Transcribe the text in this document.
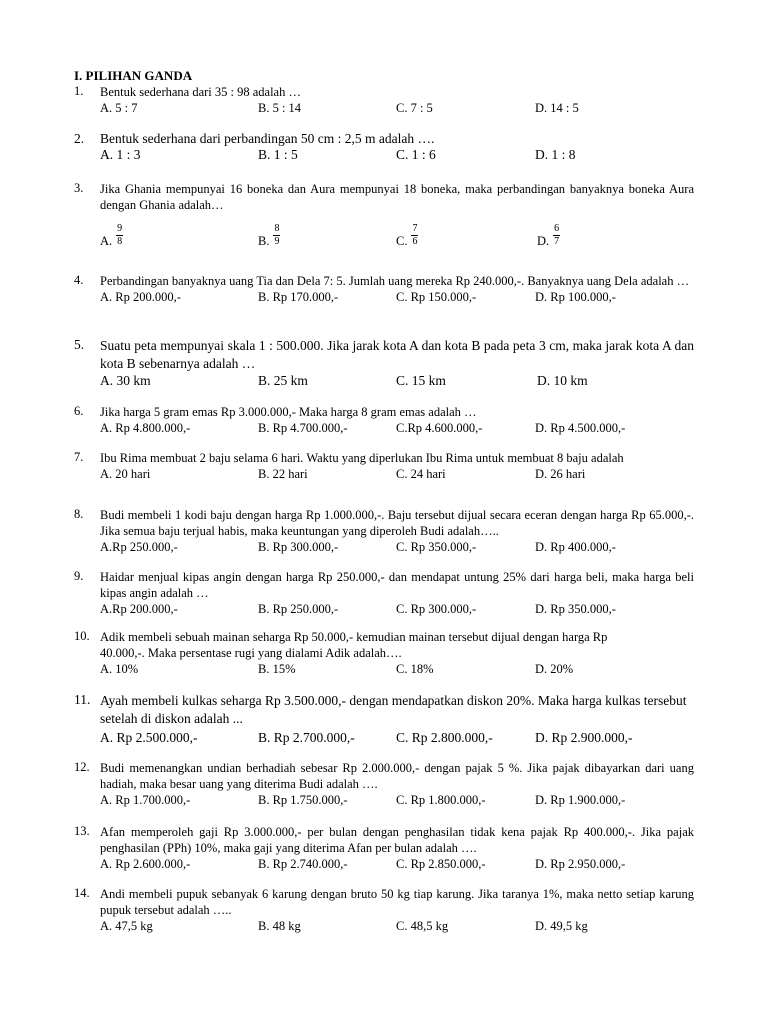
I. PILIHAN GANDA
1. Bentuk sederhana dari 35 : 98 adalah …
A. 5 : 7	B. 5 : 14	C. 7 : 5	D. 14 : 5
2. Bentuk sederhana dari perbandingan 50 cm : 2,5 m adalah ….
A. 1 : 3	B. 1 : 5	C. 1 : 6	D. 1 : 8
3. Jika Ghania mempunyai 16 boneka dan Aura mempunyai 18 boneka, maka perbandingan banyaknya boneka Aura dengan Ghania adalah…
A. $\frac{9}{8}$	B. $\frac{8}{9}$	C. $\frac{7}{6}$	D. $\frac{6}{7}$
4. Perbandingan banyaknya uang Tia dan Dela 7: 5. Jumlah uang mereka Rp 240.000,-. Banyaknya uang Dela adalah …
A. Rp 200.000,-	B. Rp 170.000,-	C. Rp 150.000,-	D. Rp 100.000,-
5. Suatu peta mempunyai skala 1 : 500.000. Jika jarak kota A dan kota B pada peta 3 cm, maka jarak kota A dan kota B sebenarnya adalah …
A. 30 km	B. 25 km	C. 15 km	D. 10 km
6. Jika harga 5 gram emas Rp 3.000.000,- Maka harga 8 gram emas adalah …
A. Rp 4.800.000,-	B. Rp 4.700.000,-	C.Rp 4.600.000,-	D. Rp 4.500.000,-
7. Ibu Rima membuat 2 baju selama 6 hari. Waktu yang diperlukan Ibu Rima untuk membuat 8 baju adalah
A. 20 hari	B. 22 hari	C. 24 hari	D. 26 hari
8. Budi membeli 1 kodi baju dengan harga Rp 1.000.000,-. Baju tersebut dijual secara eceran dengan harga Rp 65.000,-. Jika semua baju terjual habis, maka keuntungan yang diperoleh Budi adalah…..
A.Rp 250.000,-	B. Rp 300.000,-	C. Rp 350.000,-	D. Rp 400.000,-
9. Haidar menjual kipas angin dengan harga Rp 250.000,- dan mendapat untung 25% dari harga beli, maka harga beli kipas angin adalah …
A.Rp 200.000,-	B. Rp 250.000,-	C. Rp 300.000,-	D. Rp 350.000,-
10. Adik membeli sebuah mainan seharga Rp 50.000,- kemudian mainan tersebut dijual dengan harga Rp 40.000,-. Maka persentase rugi yang dialami Adik adalah….
A. 10%	B. 15%	C. 18%	D. 20%
11. Ayah membeli kulkas seharga Rp 3.500.000,- dengan mendapatkan diskon 20%. Maka harga kulkas tersebut setelah di diskon adalah ...
A. Rp 2.500.000,-	B. Rp 2.700.000,-	C. Rp 2.800.000,-	D. Rp 2.900.000,-
12. Budi memenangkan undian berhadiah sebesar Rp 2.000.000,- dengan pajak 5 %. Jika pajak dibayarkan dari uang hadiah, maka besar uang yang diterima Budi adalah ….
A. Rp 1.700.000,-	B. Rp 1.750.000,-	C. Rp 1.800.000,-	D. Rp 1.900.000,-
13. Afan memperoleh gaji Rp 3.000.000,- per bulan dengan penghasilan tidak kena pajak Rp 400.000,-. Jika pajak penghasilan (PPh) 10%, maka gaji yang diterima Afan per bulan adalah ….
A. Rp 2.600.000,-	B. Rp 2.740.000,-	C. Rp 2.850.000,-	D. Rp 2.950.000,-
14. Andi membeli pupuk sebanyak 6 karung dengan bruto 50 kg tiap karung. Jika taranya 1%, maka netto setiap karung pupuk tersebut adalah …..
A. 47,5 kg	B. 48 kg	C. 48,5 kg	D. 49,5 kg
